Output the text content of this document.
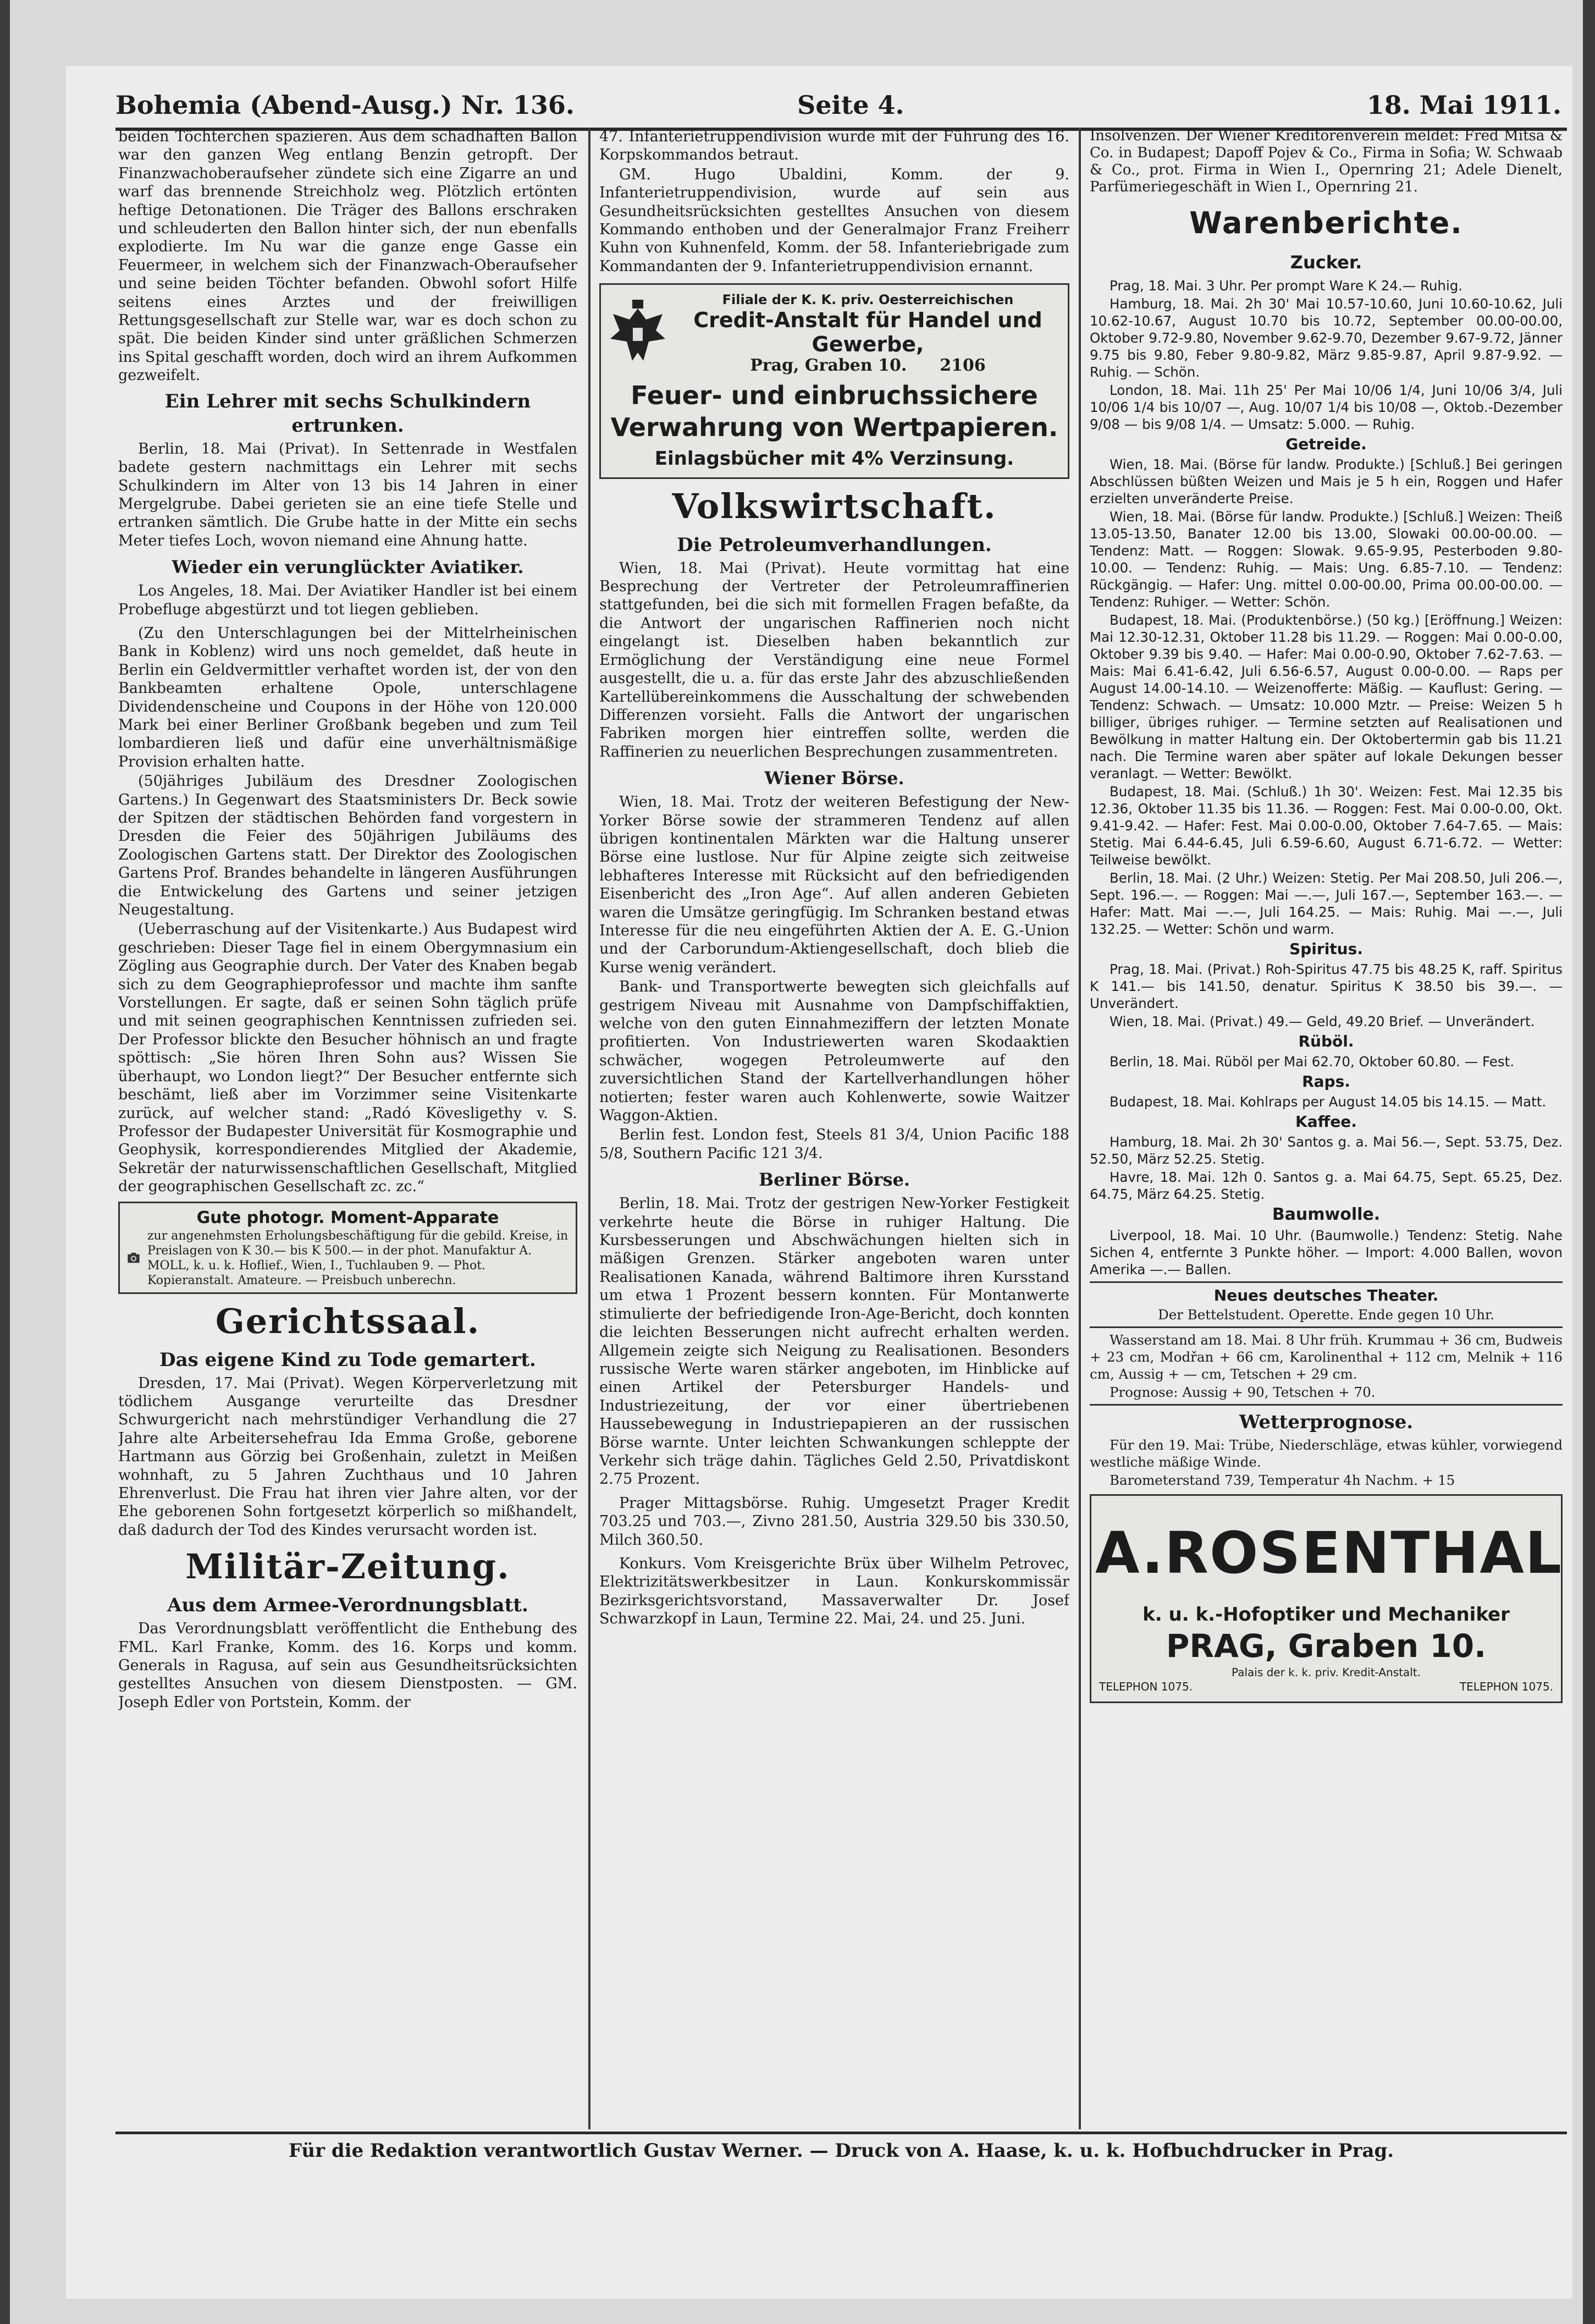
Bohemia (Abend-Ausg.) Nr. 136.	Seite 4.	18. Mai 1911.

beiden Töchterchen spazieren. Aus dem schadhaften Ballon war den ganzen Weg entlang Benzin getropft. Der Finanzwachoberaufseher zündete sich eine Zigarre an und warf das brennende Streichholz weg. Plötzlich ertönten heftige Detonationen. Die Träger des Ballons erschraken und schleuderten den Ballon hinter sich, der nun ebenfalls explodierte. Im Nu war die ganze enge Gasse ein Feuermeer, in welchem sich der Finanzwach-Oberaufseher und seine beiden Töchter befanden. Obwohl sofort Hilfe seitens eines Arztes und der freiwilligen Rettungsgesellschaft zur Stelle war, war es doch schon zu spät. Die beiden Kinder sind unter gräßlichen Schmerzen ins Spital geschafft worden, doch wird an ihrem Aufkommen gezweifelt.

Ein Lehrer mit sechs Schulkindern ertrunken.

Berlin, 18. Mai (Privat). In Settenrade in Westfalen badete gestern nachmittags ein Lehrer mit sechs Schulkindern im Alter von 13 bis 14 Jahren in einer Mergelgrube. Dabei gerieten sie an eine tiefe Stelle und ertranken sämtlich. Die Grube hatte in der Mitte ein sechs Meter tiefes Loch, wovon niemand eine Ahnung hatte.

Wieder ein verunglückter Aviatiker.

Los Angeles, 18. Mai. Der Aviatiker Handler ist bei einem Probefluge abgestürzt und tot liegen geblieben.

(Zu den Unterschlagungen bei der Mittelrheinischen Bank in Koblenz) wird uns noch gemeldet, daß heute in Berlin ein Geldvermittler verhaftet worden ist, der von den Bankbeamten erhaltene Opole, unterschlagene Dividendenscheine und Coupons in der Höhe von 120.000 Mark bei einer Berliner Großbank begeben und zum Teil lombardieren ließ und dafür eine unverhältnismäßige Provision erhalten hatte.

(50jähriges Jubiläum des Dresdner Zoologischen Gartens.) In Gegenwart des Staatsministers Dr. Beck sowie der Spitzen der städtischen Behörden fand vorgestern in Dresden die Feier des 50jährigen Jubiläums des Zoologischen Gartens statt. Der Direktor des Zoologischen Gartens Prof. Brandes behandelte in längeren Ausführungen die Entwickelung des Gartens und seiner jetzigen Neugestaltung.

(Ueberraschung auf der Visitenkarte.) Aus Budapest wird geschrieben: Dieser Tage fiel in einem Obergymnasium ein Zögling aus Geographie durch. Der Vater des Knaben begab sich zu dem Geographieprofessor und machte ihm sanfte Vorstellungen. Er sagte, daß er seinen Sohn täglich prüfe und mit seinen geographischen Kenntnissen zufrieden sei. Der Professor blickte den Besucher höhnisch an und fragte spöttisch: „Sie hören Ihren Sohn aus? Wissen Sie überhaupt, wo London liegt?“ Der Besucher entfernte sich beschämt, ließ aber im Vorzimmer seine Visitenkarte zurück, auf welcher stand: „Radó Kövesligethy v. S. Professor der Budapester Universität für Kosmographie und Geophysik, korrespondierendes Mitglied der Akademie, Sekretär der naturwissenschaftlichen Gesellschaft, Mitglied der geographischen Gesellschaft zc. zc.“

Gute photogr. Moment-Apparate
zur angenehmsten Erholungsbeschäftigung für die gebild. Kreise, in Preislagen von K 30.— bis K 500.— in der phot. Manufaktur A. MOLL, k. u. k. Hoflief., Wien, I., Tuchlauben 9. — Phot. Kopieranstalt. Amateure. — Preisbuch unberechn.
Gerichtssaal.
Das eigene Kind zu Tode gemartert.

Dresden, 17. Mai (Privat). Wegen Körperverletzung mit tödlichem Ausgange verurteilte das Dresdner Schwurgericht nach mehrstündiger Verhandlung die 27 Jahre alte Arbeitersehefrau Ida Emma Große, geborene Hartmann aus Görzig bei Großenhain, zuletzt in Meißen wohnhaft, zu 5 Jahren Zuchthaus und 10 Jahren Ehrenverlust. Die Frau hat ihren vier Jahre alten, vor der Ehe geborenen Sohn fortgesetzt körperlich so mißhandelt, daß dadurch der Tod des Kindes verursacht worden ist.

Militär-Zeitung.
Aus dem Armee-Verordnungsblatt.

Das Verordnungsblatt veröffentlicht die Enthebung des FML. Karl Franke, Komm. des 16. Korps und komm. Generals in Ragusa, auf sein aus Gesundheitsrücksichten gestelltes Ansuchen von diesem Dienstposten. — GM. Joseph Edler von Portstein, Komm. der

47. Infanterietruppendivision wurde mit der Führung des 16. Korpskommandos betraut.

GM. Hugo Ubaldini, Komm. der 9. Infanterietruppendivision, wurde auf sein aus Gesundheitsrücksichten gestelltes Ansuchen von diesem Kommando enthoben und der Generalmajor Franz Freiherr Kuhn von Kuhnenfeld, Komm. der 58. Infanteriebrigade zum Kommandanten der 9. Infanterietruppendivision ernannt.

Filiale der K. K. priv. Oesterreichischen
Credit-Anstalt für Handel und Gewerbe,
Prag, Graben 10. 2106
Feuer- und einbruchssichere Verwahrung von Wertpapieren.
Einlagsbücher mit 4% Verzinsung.
Volkswirtschaft.
Die Petroleumverhandlungen.

Wien, 18. Mai (Privat). Heute vormittag hat eine Besprechung der Vertreter der Petroleumraffinerien stattgefunden, bei die sich mit formellen Fragen befaßte, da die Antwort der ungarischen Raffinerien noch nicht eingelangt ist. Dieselben haben bekanntlich zur Ermöglichung der Verständigung eine neue Formel ausgestellt, die u. a. für das erste Jahr des abzuschließenden Kartellübereinkommens die Ausschaltung der schwebenden Differenzen vorsieht. Falls die Antwort der ungarischen Fabriken morgen hier eintreffen sollte, werden die Raffinerien zu neuerlichen Besprechungen zusammentreten.

Wiener Börse.

Wien, 18. Mai. Trotz der weiteren Befestigung der New-Yorker Börse sowie der strammeren Tendenz auf allen übrigen kontinentalen Märkten war die Haltung unserer Börse eine lustlose. Nur für Alpine zeigte sich zeitweise lebhafteres Interesse mit Rücksicht auf den befriedigenden Eisenbericht des „Iron Age“. Auf allen anderen Gebieten waren die Umsätze geringfügig. Im Schranken bestand etwas Interesse für die neu eingeführten Aktien der A. E. G.-Union und der Carborundum-Aktiengesellschaft, doch blieb die Kurse wenig verändert.

Bank- und Transportwerte bewegten sich gleichfalls auf gestrigem Niveau mit Ausnahme von Dampfschiffaktien, welche von den guten Einnahmeziffern der letzten Monate profitierten. Von Industriewerten waren Skodaaktien schwächer, wogegen Petroleumwerte auf den zuversichtlichen Stand der Kartellverhandlungen höher notierten; fester waren auch Kohlenwerte, sowie Waitzer Waggon-Aktien.

Berlin fest. London fest, Steels 81 3/4, Union Pacific 188 5/8, Southern Pacific 121 3/4.

Berliner Börse.

Berlin, 18. Mai. Trotz der gestrigen New-Yorker Festigkeit verkehrte heute die Börse in ruhiger Haltung. Die Kursbesserungen und Abschwächungen hielten sich in mäßigen Grenzen. Stärker angeboten waren unter Realisationen Kanada, während Baltimore ihren Kursstand um etwa 1 Prozent bessern konnten. Für Montanwerte stimulierte der befriedigende Iron-Age-Bericht, doch konnten die leichten Besserungen nicht aufrecht erhalten werden. Allgemein zeigte sich Neigung zu Realisationen. Besonders russische Werte waren stärker angeboten, im Hinblicke auf einen Artikel der Petersburger Handels- und Industriezeitung, der vor einer übertriebenen Haussebewegung in Industriepapieren an der russischen Börse warnte. Unter leichten Schwankungen schleppte der Verkehr sich träge dahin. Tägliches Geld 2.50, Privatdiskont 2.75 Prozent.

Prager Mittagsbörse. Ruhig. Umgesetzt Prager Kredit 703.25 und 703.—, Zivno 281.50, Austria 329.50 bis 330.50, Milch 360.50.

Konkurs. Vom Kreisgerichte Brüx über Wilhelm Petrovec, Elektrizitätswerkbesitzer in Laun. Konkurskommissär Bezirksgerichtsvorstand, Massaverwalter Dr. Josef Schwarzkopf in Laun, Termine 22. Mai, 24. und 25. Juni.

Insolvenzen. Der Wiener Kreditorenverein meldet: Fred Mitsa & Co. in Budapest; Dapoff Pojev & Co., Firma in Sofia; W. Schwaab & Co., prot. Firma in Wien I., Opernring 21; Adele Dienelt, Parfümeriegeschäft in Wien I., Opernring 21.

Warenberichte.
Zucker.

Prag, 18. Mai. 3 Uhr. Per prompt Ware K 24.— Ruhig.

Hamburg, 18. Mai. 2h 30' Mai 10.57-10.60, Juni 10.60-10.62, Juli 10.62-10.67, August 10.70 bis 10.72, September 00.00-00.00, Oktober 9.72-9.80, November 9.62-9.70, Dezember 9.67-9.72, Jänner 9.75 bis 9.80, Feber 9.80-9.82, März 9.85-9.87, April 9.87-9.92. — Ruhig. — Schön.

London, 18. Mai. 11h 25' Per Mai 10/06 1/4, Juni 10/06 3/4, Juli 10/06 1/4 bis 10/07 —, Aug. 10/07 1/4 bis 10/08 —, Oktob.-Dezember 9/08 — bis 9/08 1/4. — Umsatz: 5.000. — Ruhig.

Getreide.

Wien, 18. Mai. (Börse für landw. Produkte.) [Schluß.] Bei geringen Abschlüssen büßten Weizen und Mais je 5 h ein, Roggen und Hafer erzielten unveränderte Preise.

Wien, 18. Mai. (Börse für landw. Produkte.) [Schluß.] Weizen: Theiß 13.05-13.50, Banater 12.00 bis 13.00, Slowaki 00.00-00.00. — Tendenz: Matt. — Roggen: Slowak. 9.65-9.95, Pesterboden 9.80-10.00. — Tendenz: Ruhig. — Mais: Ung. 6.85-7.10. — Tendenz: Rückgängig. — Hafer: Ung. mittel 0.00-00.00, Prima 00.00-00.00. — Tendenz: Ruhiger. — Wetter: Schön.

Budapest, 18. Mai. (Produktenbörse.) (50 kg.) [Eröffnung.] Weizen: Mai 12.30-12.31, Oktober 11.28 bis 11.29. — Roggen: Mai 0.00-0.00, Oktober 9.39 bis 9.40. — Hafer: Mai 0.00-0.90, Oktober 7.62-7.63. — Mais: Mai 6.41-6.42, Juli 6.56-6.57, August 0.00-0.00. — Raps per August 14.00-14.10. — Weizenofferte: Mäßig. — Kauflust: Gering. — Tendenz: Schwach. — Umsatz: 10.000 Mztr. — Preise: Weizen 5 h billiger, übriges ruhiger. — Termine setzten auf Realisationen und Bewölkung in matter Haltung ein. Der Oktobertermin gab bis 11.21 nach. Die Termine waren aber später auf lokale Dekungen besser veranlagt. — Wetter: Bewölkt.

Budapest, 18. Mai. (Schluß.) 1h 30'. Weizen: Fest. Mai 12.35 bis 12.36, Oktober 11.35 bis 11.36. — Roggen: Fest. Mai 0.00-0.00, Okt. 9.41-9.42. — Hafer: Fest. Mai 0.00-0.00, Oktober 7.64-7.65. — Mais: Stetig. Mai 6.44-6.45, Juli 6.59-6.60, August 6.71-6.72. — Wetter: Teilweise bewölkt.

Berlin, 18. Mai. (2 Uhr.) Weizen: Stetig. Per Mai 208.50, Juli 206.—, Sept. 196.—. — Roggen: Mai —.—, Juli 167.—, September 163.—. — Hafer: Matt. Mai —.—, Juli 164.25. — Mais: Ruhig. Mai —.—, Juli 132.25. — Wetter: Schön und warm.

Spiritus.

Prag, 18. Mai. (Privat.) Roh-Spiritus 47.75 bis 48.25 K, raff. Spiritus K 141.— bis 141.50, denatur. Spiritus K 38.50 bis 39.—. — Unverändert.

Wien, 18. Mai. (Privat.) 49.— Geld, 49.20 Brief. — Unverändert.

Rüböl.

Berlin, 18. Mai. Rüböl per Mai 62.70, Oktober 60.80. — Fest.

Raps.

Budapest, 18. Mai. Kohlraps per August 14.05 bis 14.15. — Matt.

Kaffee.

Hamburg, 18. Mai. 2h 30' Santos g. a. Mai 56.—, Sept. 53.75, Dez. 52.50, März 52.25. Stetig.

Havre, 18. Mai. 12h 0. Santos g. a. Mai 64.75, Sept. 65.25, Dez. 64.75, März 64.25. Stetig.

Baumwolle.

Liverpool, 18. Mai. 10 Uhr. (Baumwolle.) Tendenz: Stetig. Nahe Sichen 4, entfernte 3 Punkte höher. — Import: 4.000 Ballen, wovon Amerika —.— Ballen.

Neues deutsches Theater.

Der Bettelstudent. Operette. Ende gegen 10 Uhr.

Wasserstand am 18. Mai. 8 Uhr früh. Krummau + 36 cm, Budweis + 23 cm, Modřan + 66 cm, Karolinenthal + 112 cm, Melnik + 116 cm, Aussig + — cm, Tetschen + 29 cm.

Prognose: Aussig + 90, Tetschen + 70.

Wetterprognose.

Für den 19. Mai: Trübe, Niederschläge, etwas kühler, vorwiegend westliche mäßige Winde.

Barometerstand 739, Temperatur 4h Nachm. + 15

A.ROSENTHAL
k. u. k.-Hofoptiker und Mechaniker
PRAG, Graben 10.
Palais der k. k. priv. Kredit-Anstalt.
TELEPHON 1075.	TELEPHON 1075.
Für die Redaktion verantwortlich Gustav Werner. — Druck von A. Haase, k. u. k. Hofbuchdrucker in Prag.
